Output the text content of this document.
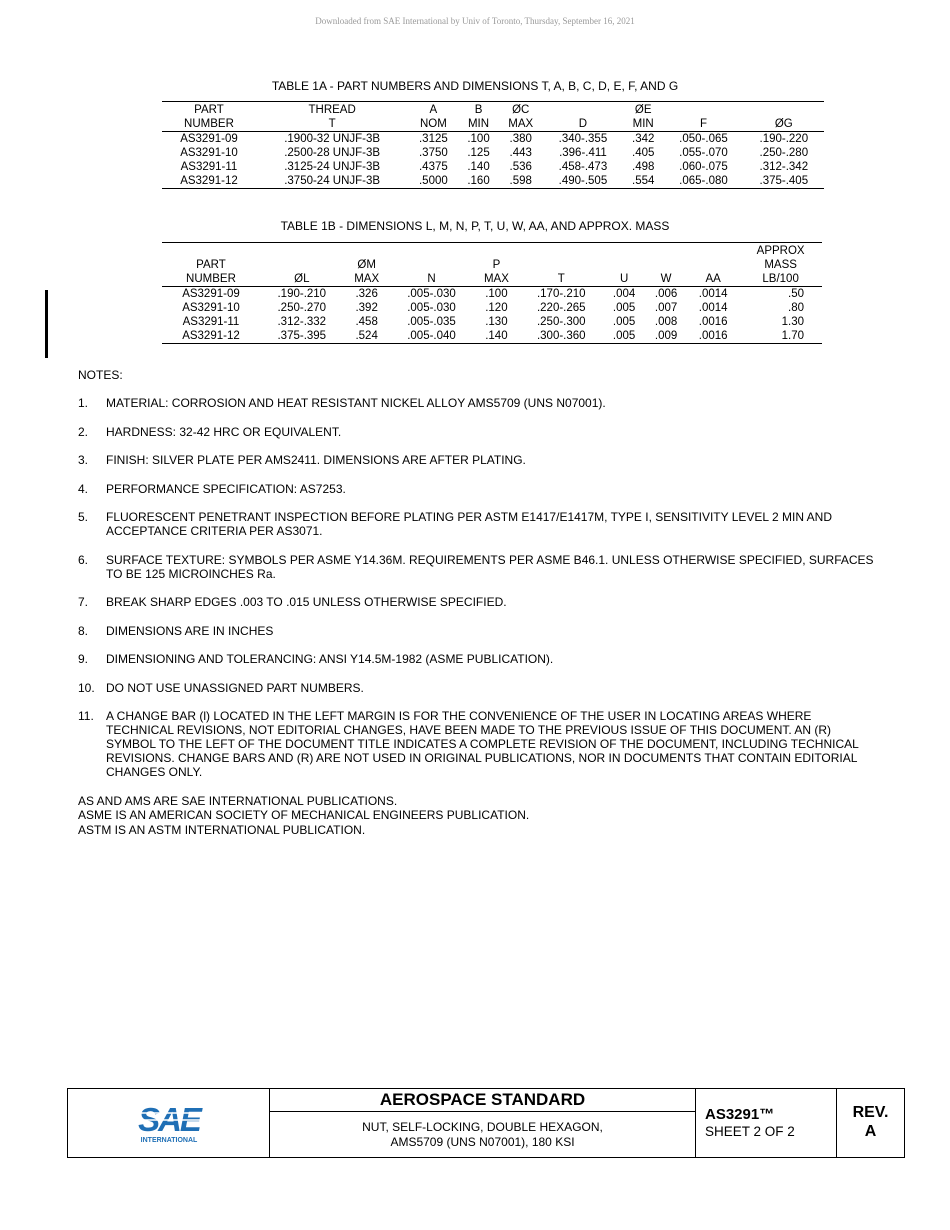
Downloaded from SAE International by Univ of Toronto, Thursday, September 16, 2021
TABLE 1A - PART NUMBERS AND DIMENSIONS T, A, B, C, D, E, F, AND G
PART	THREAD	A	B	ØC		ØE		
NUMBER	T	NOM	MIN	MAX	D	MIN	F	ØG
AS3291-09	.1900-32 UNJF-3B	.3125	.100	.380	.340-.355	.342	.050-.065	.190-.220
AS3291-10	.2500-28 UNJF-3B	.3750	.125	.443	.396-.411	.405	.055-.070	.250-.280
AS3291-11	.3125-24 UNJF-3B	.4375	.140	.536	.458-.473	.498	.060-.075	.312-.342
AS3291-12	.3750-24 UNJF-3B	.5000	.160	.598	.490-.505	.554	.065-.080	.375-.405
TABLE 1B - DIMENSIONS L, M, N, P, T, U, W, AA, AND APPROX. MASS
									APPROX
PART		ØM		P					MASS
NUMBER	ØL	MAX	N	MAX	T	U	W	AA	LB/100
AS3291-09	.190-.210	.326	.005-.030	.100	.170-.210	.004	.006	.0014	.50
AS3291-10	.250-.270	.392	.005-.030	.120	.220-.265	.005	.007	.0014	.80
AS3291-11	.312-.332	.458	.005-.035	.130	.250-.300	.005	.008	.0016	1.30
AS3291-12	.375-.395	.524	.005-.040	.140	.300-.360	.005	.009	.0016	1.70
NOTES:
1.	MATERIAL: CORROSION AND HEAT RESISTANT NICKEL ALLOY AMS5709 (UNS N07001).
2.	HARDNESS: 32-42 HRC OR EQUIVALENT.
3.	FINISH: SILVER PLATE PER AMS2411. DIMENSIONS ARE AFTER PLATING.
4.	PERFORMANCE SPECIFICATION: AS7253.
5.	FLUORESCENT PENETRANT INSPECTION BEFORE PLATING PER ASTM E1417/E1417M, TYPE I, SENSITIVITY LEVEL 2 MIN AND ACCEPTANCE CRITERIA PER AS3071.
6.	SURFACE TEXTURE: SYMBOLS PER ASME Y14.36M. REQUIREMENTS PER ASME B46.1. UNLESS OTHERWISE SPECIFIED, SURFACES TO BE 125 MICROINCHES Ra.
7.	BREAK SHARP EDGES .003 TO .015 UNLESS OTHERWISE SPECIFIED.
8.	DIMENSIONS ARE IN INCHES
9.	DIMENSIONING AND TOLERANCING: ANSI Y14.5M-1982 (ASME PUBLICATION).
10. DO NOT USE UNASSIGNED PART NUMBERS.
11.	A CHANGE BAR (l) LOCATED IN THE LEFT MARGIN IS FOR THE CONVENIENCE OF THE USER IN LOCATING AREAS WHERE TECHNICAL REVISIONS, NOT EDITORIAL CHANGES, HAVE BEEN MADE TO THE PREVIOUS ISSUE OF THIS DOCUMENT. AN (R) SYMBOL TO THE LEFT OF THE DOCUMENT TITLE INDICATES A COMPLETE REVISION OF THE DOCUMENT, INCLUDING TECHNICAL REVISIONS. CHANGE BARS AND (R) ARE NOT USED IN ORIGINAL PUBLICATIONS, NOR IN DOCUMENTS THAT CONTAIN EDITORIAL CHANGES ONLY.
AS AND AMS ARE SAE INTERNATIONAL PUBLICATIONS.
ASME IS AN AMERICAN SOCIETY OF MECHANICAL ENGINEERS PUBLICATION.
ASTM IS AN ASTM INTERNATIONAL PUBLICATION.
SAE
INTERNATIONAL
AEROSPACE STANDARD
NUT, SELF-LOCKING, DOUBLE HEXAGON,
AMS5709 (UNS N07001), 180 KSI
AS3291™
SHEET 2 OF 2
REV.
A
